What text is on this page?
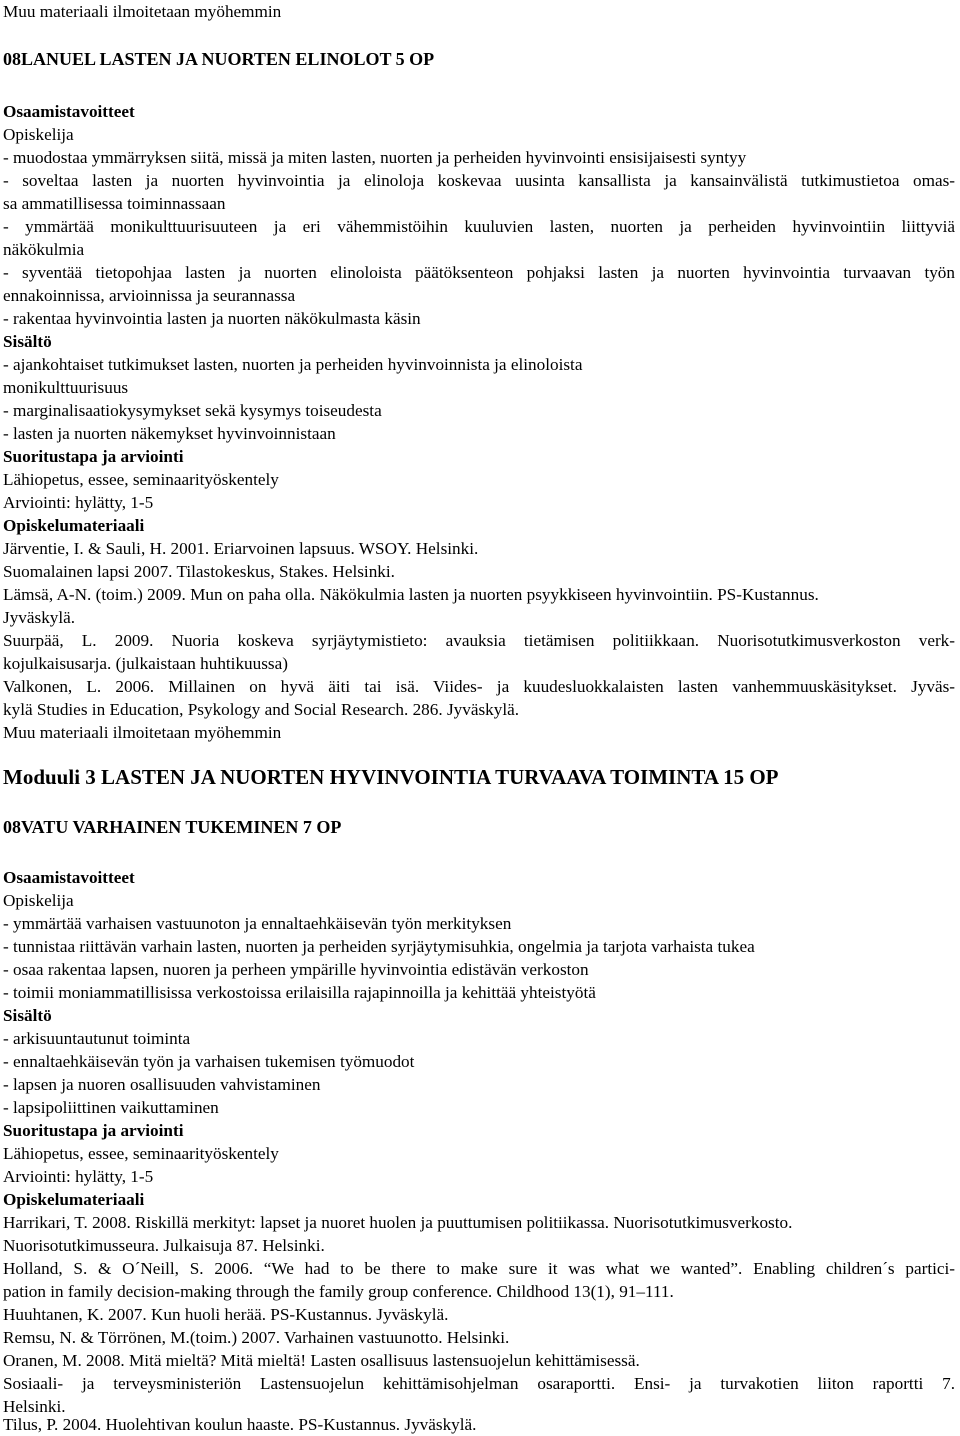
Muu materiaali ilmoitetaan myöhemmin
08LANUEL LASTEN JA NUORTEN ELINOLOT 5 OP
Osaamistavoitteet
Opiskelija
- muodostaa ymmärryksen siitä, missä ja miten lasten, nuorten ja perheiden hyvinvointi ensisijaisesti syntyy
- soveltaa lasten ja nuorten hyvinvointia ja elinoloja koskevaa uusinta kansallista ja kansainvälistä tutkimustietoa omas-
sa ammatillisessa toiminnassaan
- ymmärtää monikulttuurisuuteen ja eri vähemmistöihin kuuluvien lasten, nuorten ja perheiden hyvinvointiin liittyviä
näkökulmia
- syventää tietopohjaa lasten ja nuorten elinoloista päätöksenteon pohjaksi lasten ja nuorten hyvinvointia turvaavan työn
ennakoinnissa, arvioinnissa ja seurannassa
- rakentaa hyvinvointia lasten ja nuorten näkökulmasta käsin
Sisältö
- ajankohtaiset tutkimukset lasten, nuorten ja perheiden hyvinvoinnista ja elinoloista
monikulttuurisuus
- marginalisaatiokysymykset sekä kysymys toiseudesta
- lasten ja nuorten näkemykset hyvinvoinnistaan
Suoritustapa ja arviointi
Lähiopetus, essee, seminaarityöskentely
Arviointi: hylätty, 1-5
Opiskelumateriaali
Järventie, I. & Sauli, H. 2001. Eriarvoinen lapsuus. WSOY. Helsinki.
Suomalainen lapsi 2007. Tilastokeskus, Stakes. Helsinki.
Lämsä, A-N. (toim.) 2009. Mun on paha olla. Näkökulmia lasten ja nuorten psyykkiseen hyvinvointiin. PS-Kustannus.
Jyväskylä.
Suurpää, L. 2009. Nuoria koskeva syrjäytymistieto: avauksia tietämisen politiikkaan. Nuorisotutkimusverkoston verk-
kojulkaisusarja. (julkaistaan huhtikuussa)
Valkonen, L. 2006. Millainen on hyvä äiti tai isä. Viides- ja kuudesluokkalaisten lasten vanhemmuuskäsitykset. Jyväs-
kylä Studies in Education, Psykology and Social Research. 286. Jyväskylä.
Muu materiaali ilmoitetaan myöhemmin
Moduuli 3 LASTEN JA NUORTEN HYVINVOINTIA TURVAAVA TOIMINTA 15 OP
08VATU VARHAINEN TUKEMINEN 7 OP
Osaamistavoitteet
Opiskelija
- ymmärtää varhaisen vastuunoton ja ennaltaehkäisevän työn merkityksen
- tunnistaa riittävän varhain lasten, nuorten ja perheiden syrjäytymisuhkia, ongelmia ja tarjota varhaista tukea
- osaa rakentaa lapsen, nuoren ja perheen ympärille hyvinvointia edistävän verkoston
- toimii moniammatillisissa verkostoissa erilaisilla rajapinnoilla ja kehittää yhteistyötä
Sisältö
- arkisuuntautunut toiminta
- ennaltaehkäisevän työn ja varhaisen tukemisen työmuodot
- lapsen ja nuoren osallisuuden vahvistaminen
- lapsipoliittinen vaikuttaminen
Suoritustapa ja arviointi
Lähiopetus, essee, seminaarityöskentely
Arviointi: hylätty, 1-5
Opiskelumateriaali
Harrikari, T. 2008. Riskillä merkityt: lapset ja nuoret huolen ja puuttumisen politiikassa. Nuorisotutkimusverkosto.
Nuorisotutkimusseura. Julkaisuja 87. Helsinki.
Holland, S. & O´Neill, S. 2006. “We had to be there to make sure it was what we wanted”. Enabling children´s partici-
pation in family decision-making through the family group conference. Childhood 13(1), 91–111.
Huuhtanen, K. 2007. Kun huoli herää. PS-Kustannus. Jyväskylä.
Remsu, N. & Törrönen, M.(toim.) 2007. Varhainen vastuunotto. Helsinki.
Oranen, M. 2008. Mitä mieltä? Mitä mieltä! Lasten osallisuus lastensuojelun kehittämisessä.
Sosiaali- ja terveysministeriön Lastensuojelun kehittämisohjelman osaraportti. Ensi- ja turvakotien liiton raportti 7.
Helsinki.
Tilus, P. 2004. Huolehtivan koulun haaste. PS-Kustannus. Jyväskylä.
